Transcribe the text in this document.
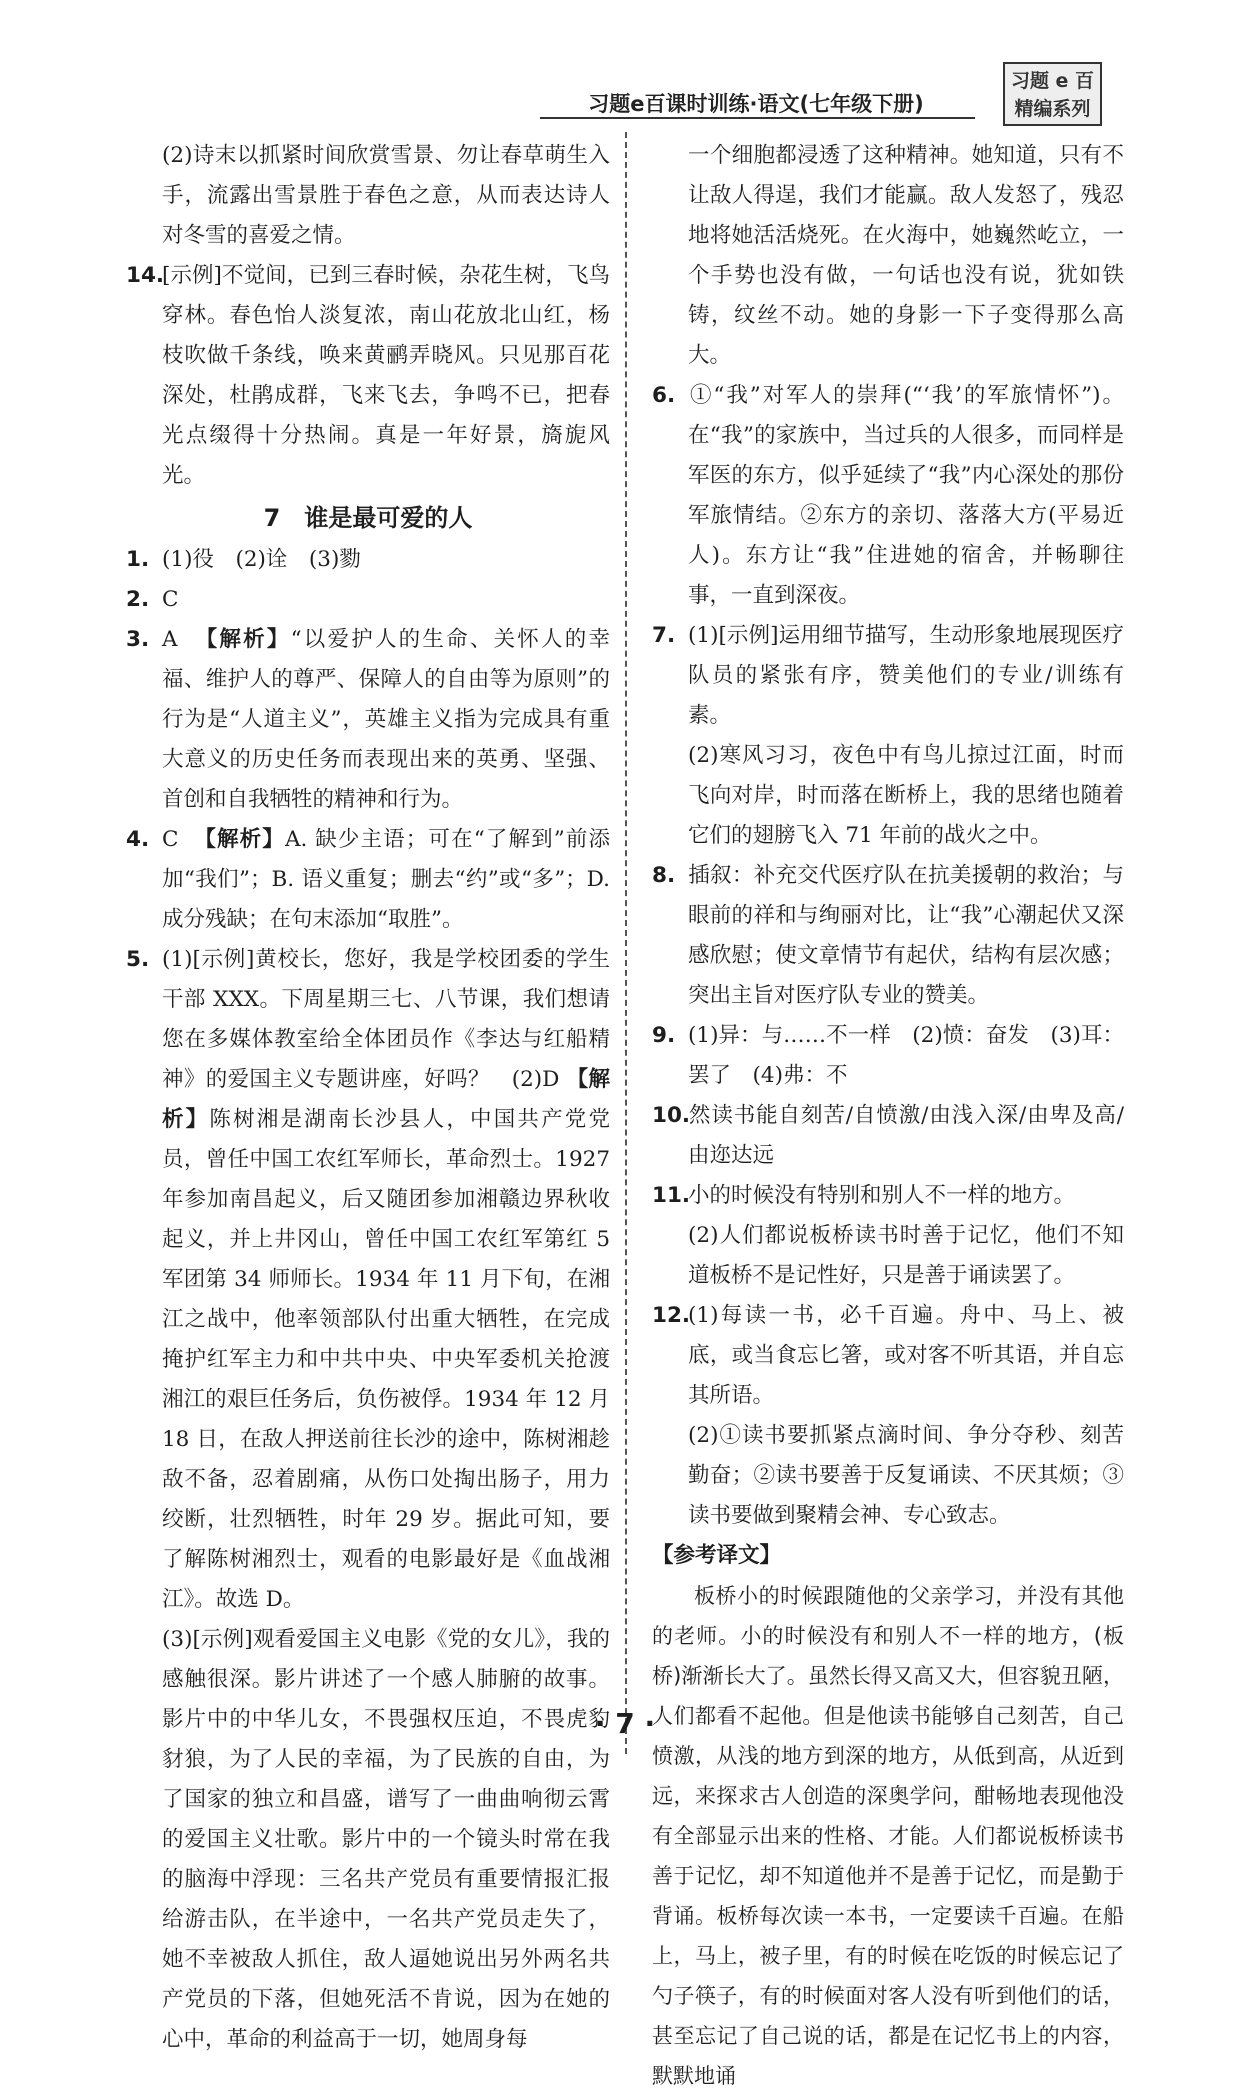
习题e百课时训练·语文(七年级下册)
习题 e 百
精编系列

(2)诗末以抓紧时间欣赏雪景、勿让春草萌生入手，流露出雪景胜于春色之意，从而表达诗人对冬雪的喜爱之情。

14.[示例]不觉间，已到三春时候，杂花生树，飞鸟穿林。春色怡人淡复浓，南山花放北山红，杨枝吹做千条线，唤来黄鹂弄晓风。只见那百花深处，杜鹃成群，飞来飞去，争鸣不已，把春光点缀得十分热闹。真是一年好景，旖旎风光。

7　谁是最可爱的人

1. (1)役　(2)诠　(3)勠

2. C

3. A 【解析】“以爱护人的生命、关怀人的幸福、维护人的尊严、保障人的自由等为原则”的行为是“人道主义”，英雄主义指为完成具有重大意义的历史任务而表现出来的英勇、坚强、首创和自我牺牲的精神和行为。

4. C 【解析】A. 缺少主语；可在“了解到”前添加“我们”；B. 语义重复；删去“约”或“多”；D. 成分残缺；在句末添加“取胜”。

5. (1)[示例]黄校长，您好，我是学校团委的学生干部 XXX。下周星期三七、八节课，我们想请您在多媒体教室给全体团员作《李达与红船精神》的爱国主义专题讲座，好吗？　(2)D 【解析】陈树湘是湖南长沙县人，中国共产党党员，曾任中国工农红军师长，革命烈士。1927 年参加南昌起义，后又随团参加湘赣边界秋收起义，并上井冈山，曾任中国工农红军第红 5 军团第 34 师师长。1934 年 11 月下旬，在湘江之战中，他率领部队付出重大牺牲，在完成掩护红军主力和中共中央、中央军委机关抢渡湘江的艰巨任务后，负伤被俘。1934 年 12 月 18 日，在敌人押送前往长沙的途中，陈树湘趁敌不备，忍着剧痛，从伤口处掏出肠子，用力绞断，壮烈牺牲，时年 29 岁。据此可知，要了解陈树湘烈士，观看的电影最好是《血战湘江》。故选 D。

(3)[示例]观看爱国主义电影《党的女儿》，我的感触很深。影片讲述了一个感人肺腑的故事。影片中的中华儿女，不畏强权压迫，不畏虎豹豺狼，为了人民的幸福，为了民族的自由，为了国家的独立和昌盛，谱写了一曲曲响彻云霄的爱国主义壮歌。影片中的一个镜头时常在我的脑海中浮现：三名共产党员有重要情报汇报给游击队，在半途中，一名共产党员走失了，她不幸被敌人抓住，敌人逼她说出另外两名共产党员的下落，但她死活不肯说，因为在她的心中，革命的利益高于一切，她周身每

一个细胞都浸透了这种精神。她知道，只有不让敌人得逞，我们才能赢。敌人发怒了，残忍地将她活活烧死。在火海中，她巍然屹立，一个手势也没有做，一句话也没有说，犹如铁铸，纹丝不动。她的身影一下子变得那么高大。

6. ①“我”对军人的崇拜(“‘我’的军旅情怀”)。在“我”的家族中，当过兵的人很多，而同样是军医的东方，似乎延续了“我”内心深处的那份军旅情结。②东方的亲切、落落大方(平易近人)。东方让“我”住进她的宿舍，并畅聊往事，一直到深夜。

7. (1)[示例]运用细节描写，生动形象地展现医疗队员的紧张有序，赞美他们的专业/训练有素。

(2)寒风习习，夜色中有鸟儿掠过江面，时而飞向对岸，时而落在断桥上，我的思绪也随着它们的翅膀飞入 71 年前的战火之中。

8. 插叙：补充交代医疗队在抗美援朝的救治；与眼前的祥和与绚丽对比，让“我”心潮起伏又深感欣慰；使文章情节有起伏，结构有层次感；突出主旨对医疗队专业的赞美。

9. (1)异：与……不一样　(2)愤：奋发　(3)耳：罢了　(4)弗：不

10.然读书能自刻苦/自愤激/由浅入深/由卑及高/由迩达远

11.小的时候没有特别和别人不一样的地方。

(2)人们都说板桥读书时善于记忆，他们不知道板桥不是记性好，只是善于诵读罢了。

12.(1)每读一书，必千百遍。舟中、马上、被底，或当食忘匕箸，或对客不听其语，并自忘其所语。

(2)①读书要抓紧点滴时间、争分夺秒、刻苦勤奋；②读书要善于反复诵读、不厌其烦；③读书要做到聚精会神、专心致志。

【参考译文】

板桥小的时候跟随他的父亲学习，并没有其他的老师。小的时候没有和别人不一样的地方，(板桥)渐渐长大了。虽然长得又高又大，但容貌丑陋，人们都看不起他。但是他读书能够自己刻苦，自己愤激，从浅的地方到深的地方，从低到高，从近到远，来探求古人创造的深奥学问，酣畅地表现他没有全部显示出来的性格、才能。人们都说板桥读书善于记忆，却不知道他并不是善于记忆，而是勤于背诵。板桥每次读一本书，一定要读千百遍。在船上，马上，被子里，有的时候在吃饭的时候忘记了勺子筷子，有的时候面对客人没有听到他们的话，甚至忘记了自己说的话，都是在记忆书上的内容，默默地诵

· 7 ·
